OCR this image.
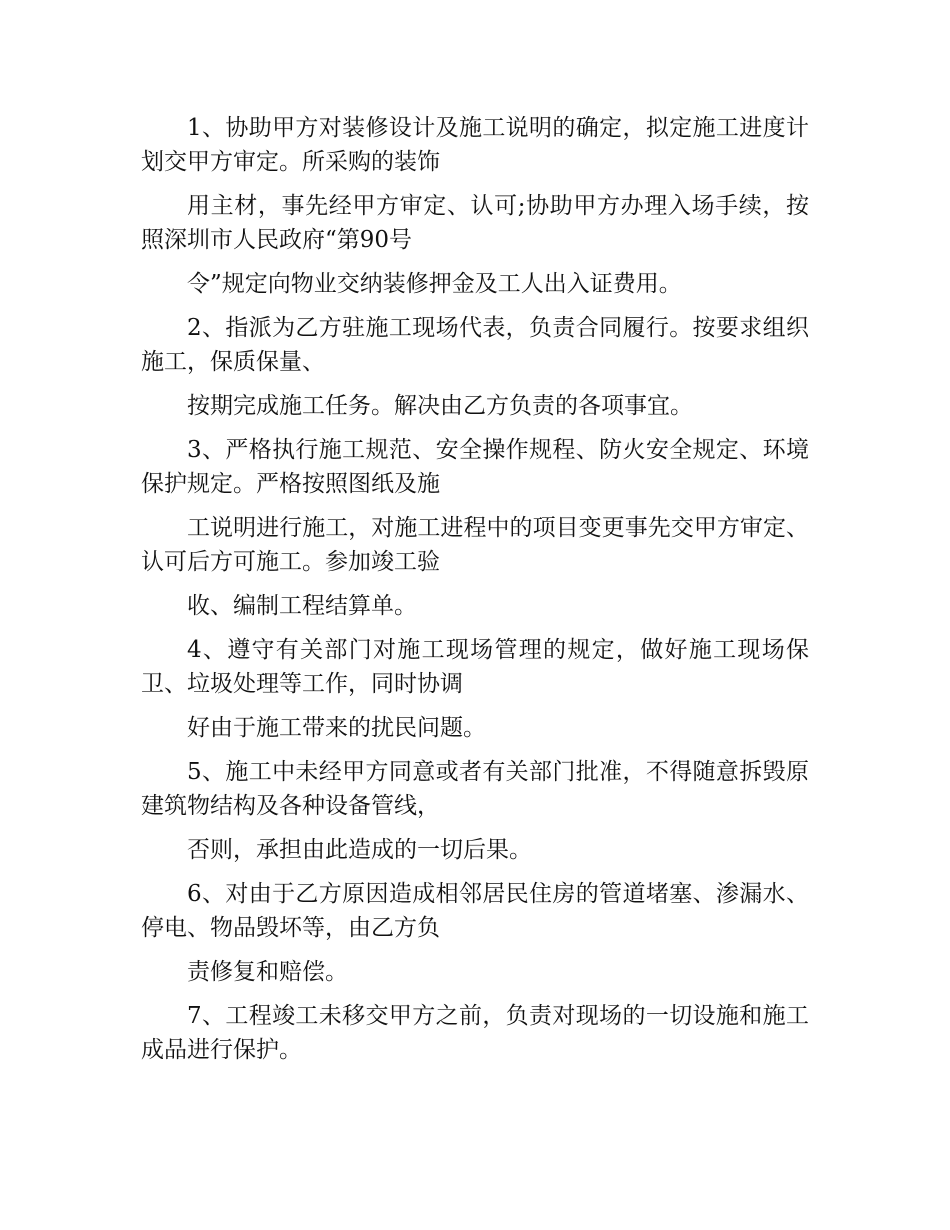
1、协助甲方对装修设计及施工说明的确定，拟定施工进度计划交甲方审定。所采购的装饰

用主材，事先经甲方审定、认可;协助甲方办理入场手续，按照深圳市人民政府“第90号

令”规定向物业交纳装修押金及工人出入证费用。

2、指派为乙方驻施工现场代表，负责合同履行。按要求组织施工，保质保量、

按期完成施工任务。解决由乙方负责的各项事宜。

3、严格执行施工规范、安全操作规程、防火安全规定、环境保护规定。严格按照图纸及施

工说明进行施工，对施工进程中的项目变更事先交甲方审定、认可后方可施工。参加竣工验

收、编制工程结算单。

4、遵守有关部门对施工现场管理的规定，做好施工现场保卫、垃圾处理等工作，同时协调

好由于施工带来的扰民问题。

5、施工中未经甲方同意或者有关部门批准，不得随意拆毁原建筑物结构及各种设备管线，

否则，承担由此造成的一切后果。

6、对由于乙方原因造成相邻居民住房的管道堵塞、渗漏水、停电、物品毁坏等，由乙方负

责修复和赔偿。

7、工程竣工未移交甲方之前，负责对现场的一切设施和施工成品进行保护。
